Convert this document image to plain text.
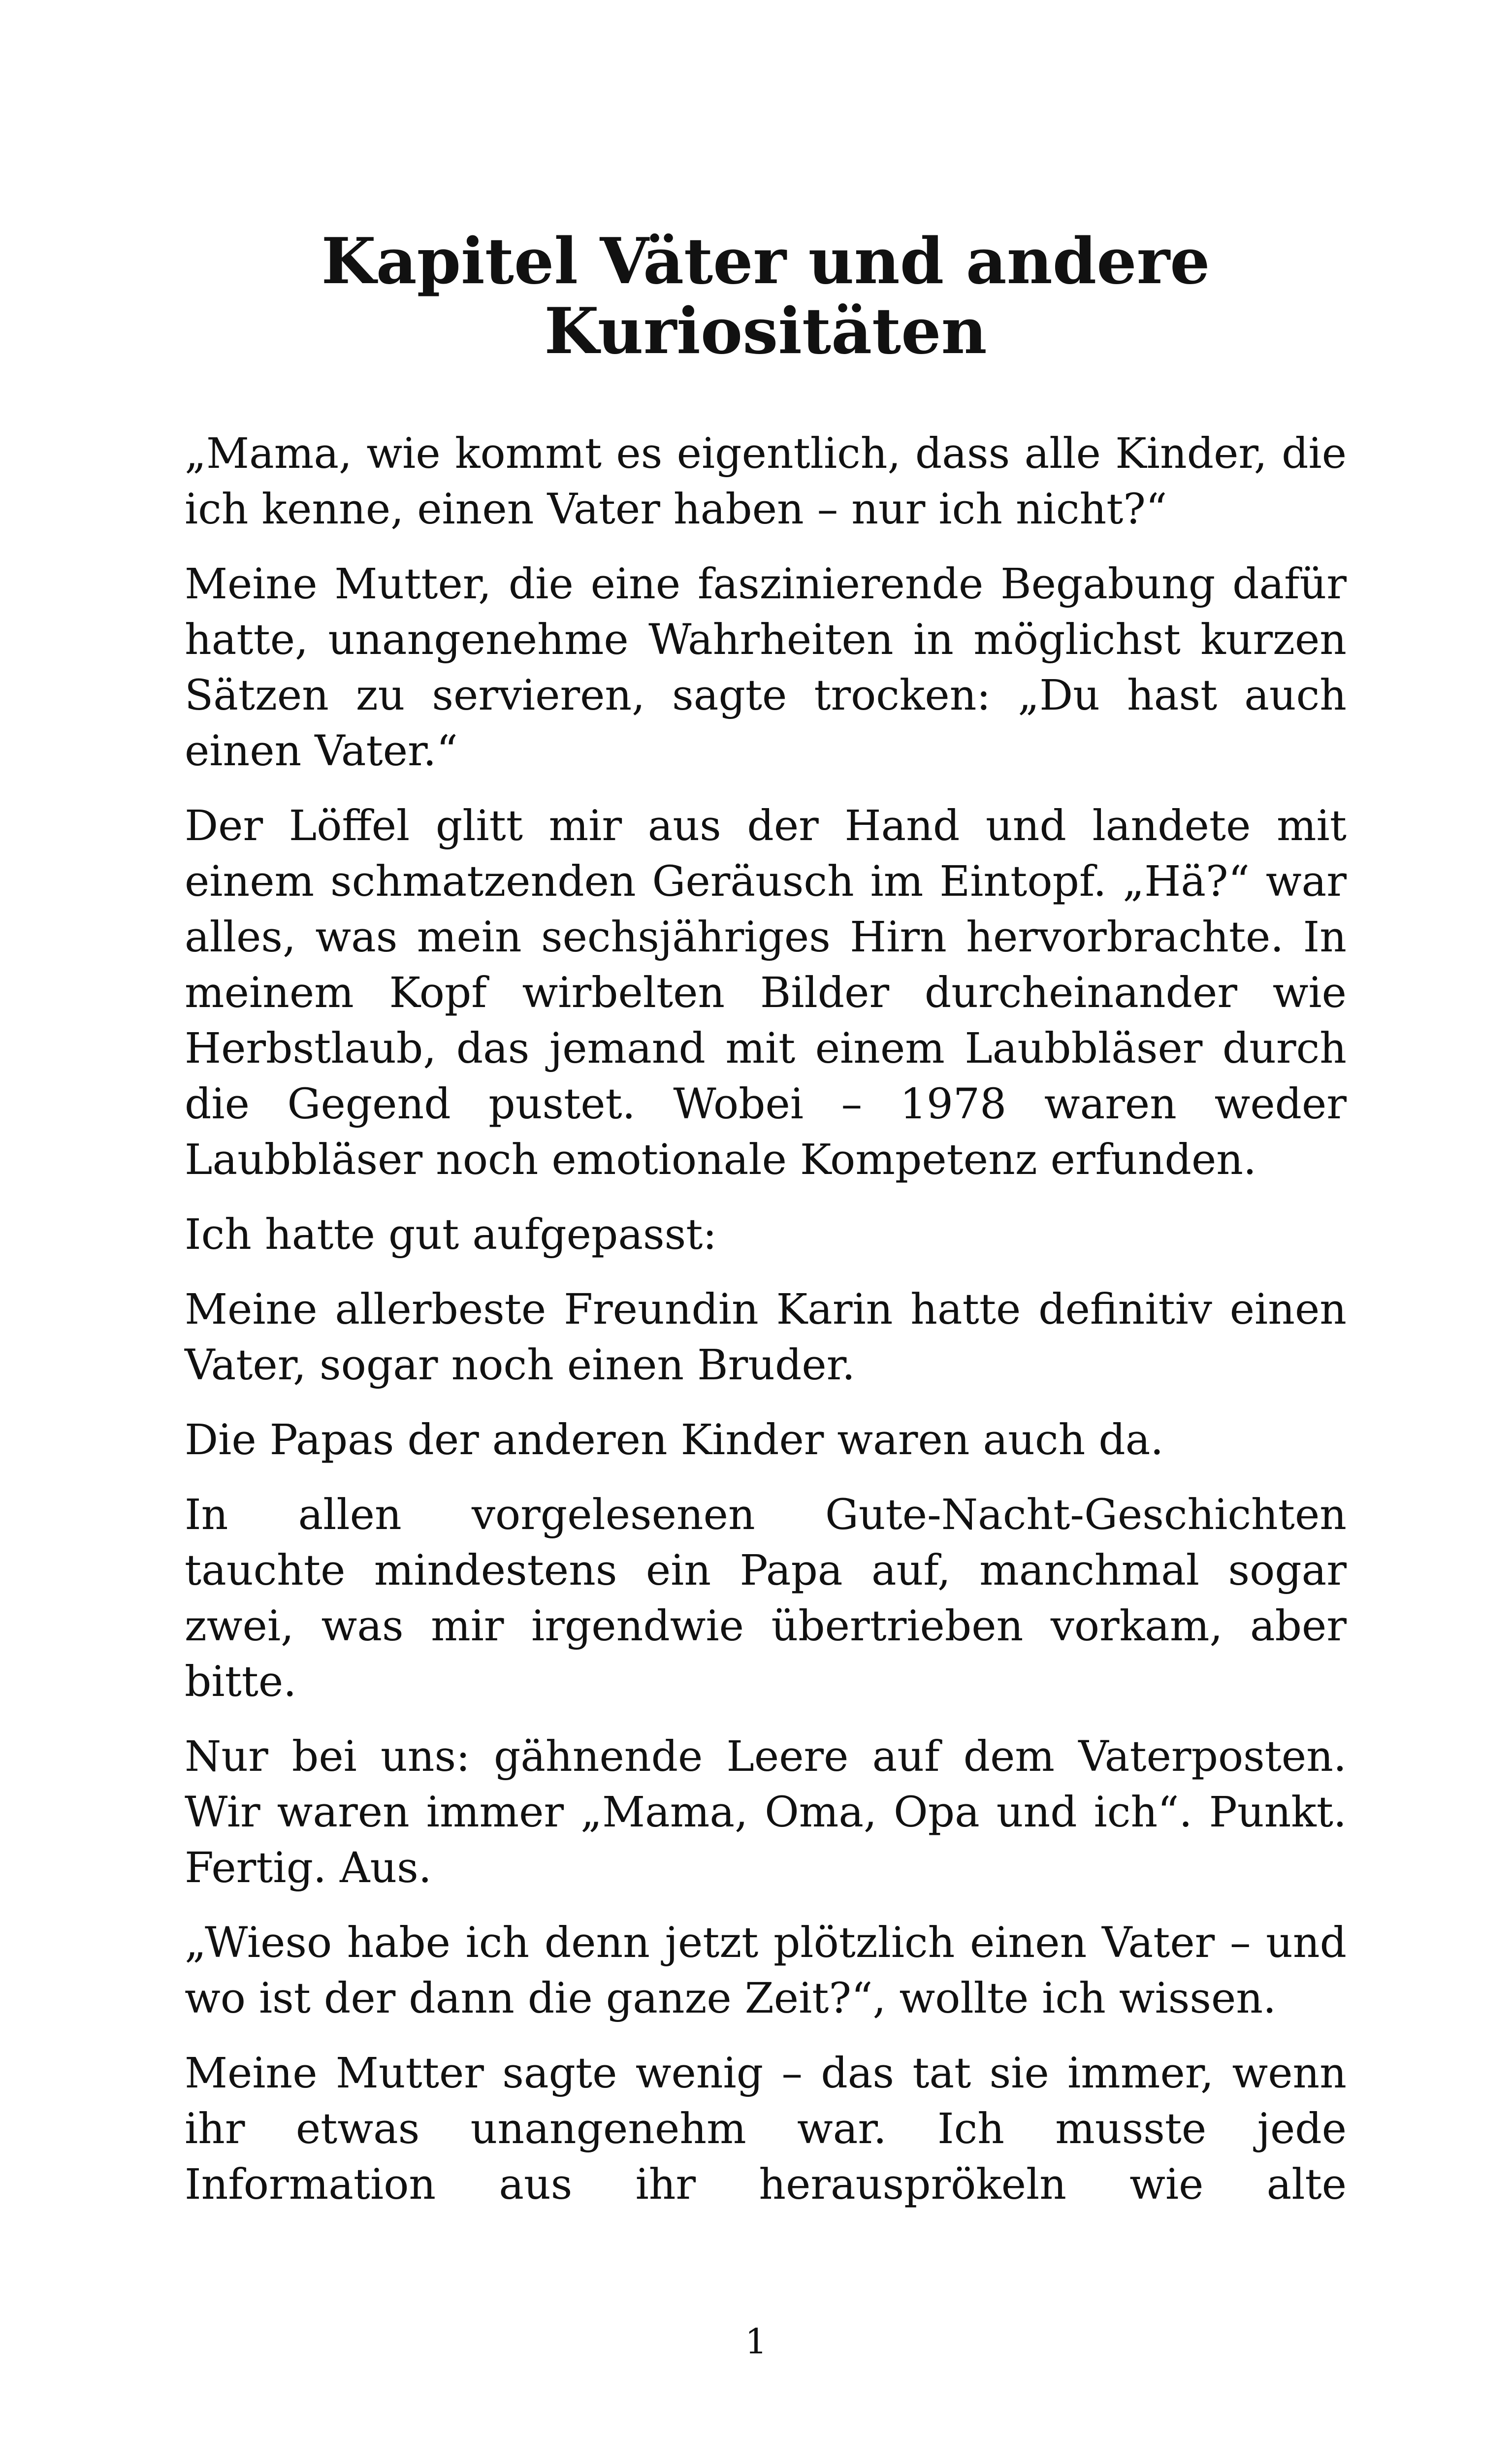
Kapitel Väter und andere
Kuriositäten

„Mama, wie kommt es eigentlich, dass alle Kinder, die ich kenne, einen Vater haben – nur ich nicht?“

Meine Mutter, die eine faszinierende Begabung dafür hatte, unangenehme Wahrheiten in möglichst kurzen Sätzen zu servieren, sagte trocken: „Du hast auch einen Vater.“

Der Löffel glitt mir aus der Hand und landete mit einem schmatzenden Geräusch im Eintopf. „Hä?“ war alles, was mein sechsjähriges Hirn hervorbrachte. In meinem Kopf wirbelten Bilder durcheinander wie Herbstlaub, das jemand mit einem Laubbläser durch die Gegend pustet. Wobei – 1978 waren weder Laubbläser noch emotionale Kompetenz erfunden.

Ich hatte gut aufgepasst:

Meine allerbeste Freundin Karin hatte definitiv einen Vater, sogar noch einen Bruder.

Die Papas der anderen Kinder waren auch da.

In allen vorgelesenen Gute-Nacht-Geschichten tauchte mindestens ein Papa auf, manchmal sogar zwei, was mir irgendwie übertrieben vorkam, aber bitte.

Nur bei uns: gähnende Leere auf dem Vaterposten. Wir waren immer „Mama, Oma, Opa und ich“. Punkt. Fertig. Aus.

„Wieso habe ich denn jetzt plötzlich einen Vater – und wo ist der dann die ganze Zeit?“, wollte ich wissen.

Meine Mutter sagte wenig – das tat sie immer, wenn ihr etwas unangenehm war. Ich musste jede Information aus ihr herausprökeln wie alte

1
